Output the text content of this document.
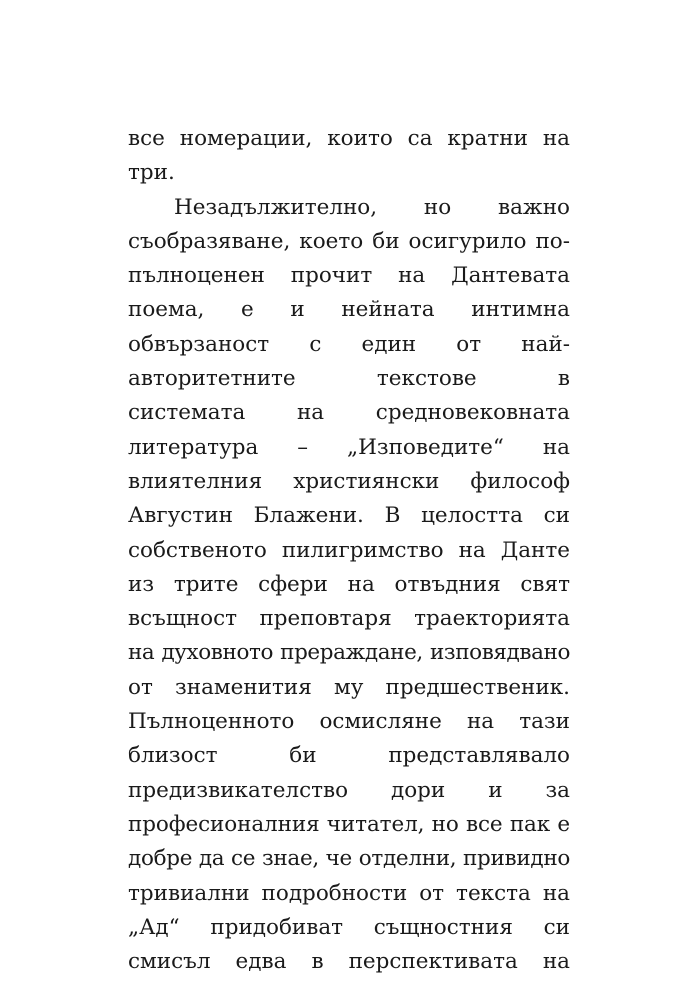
все номерации, които са кратни на
три.
Незадължително, но важно
съобразяване, което би осигурило по-
пълноценен прочит на Дантевата
поема, е и нейната интимна
обвързаност с един от най-
авторитетните текстове в
системата на средновековната
литература – „Изповедите“ на
влиятелния християнски философ
Августин Блажени. В целостта си
собственото пилигримство на Данте
из трите сфери на отвъдния свят
всъщност преповтаря траекторията
на духовното прераждане, изповядвано
от знаменития му предшественик.
Пълноценното осмисляне на тази
близост би представлявало
предизвикателство дори и за
професионалния читател, но все пак е
добре да се знае, че отделни, привидно
тривиални подробности от текста на
„Ад“ придобиват същностния си
смисъл едва в перспективата на
